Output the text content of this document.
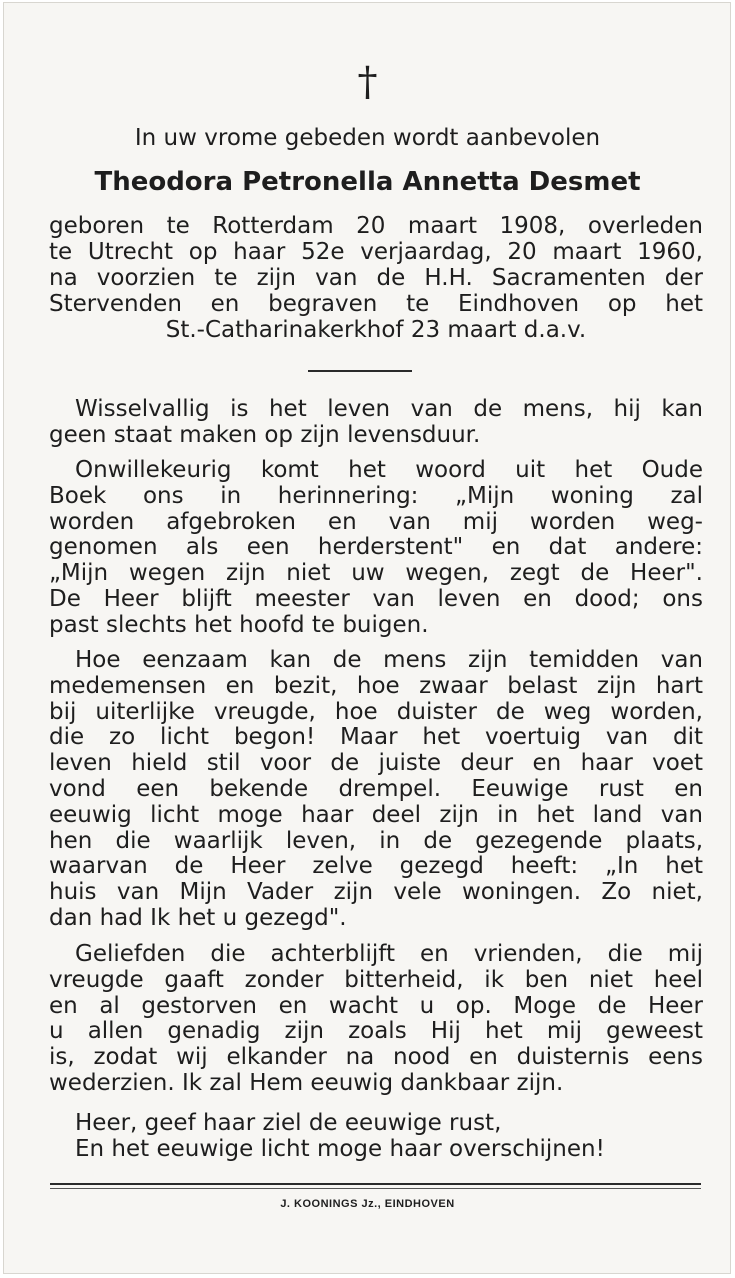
†
In uw vrome gebeden wordt aanbevolen
Theodora Petronella Annetta Desmet
geboren te Rotterdam 20 maart 1908, overleden
te Utrecht op haar 52e verjaardag, 20 maart 1960,
na voorzien te zijn van de H.H. Sacramenten der
Stervenden en begraven te Eindhoven op het
St.-Catharinakerkhof 23 maart d.a.v.
Wisselvallig is het leven van de mens, hij kan
geen staat maken op zijn levensduur.
Onwillekeurig komt het woord uit het Oude
Boek ons in herinnering: „Mijn woning zal
worden afgebroken en van mij worden weg-
genomen als een herderstent" en dat andere:
„Mijn wegen zijn niet uw wegen, zegt de Heer".
De Heer blijft meester van leven en dood; ons
past slechts het hoofd te buigen.
Hoe eenzaam kan de mens zijn temidden van
medemensen en bezit, hoe zwaar belast zijn hart
bij uiterlijke vreugde, hoe duister de weg worden,
die zo licht begon! Maar het voertuig van dit
leven hield stil voor de juiste deur en haar voet
vond een bekende drempel. Eeuwige rust en
eeuwig licht moge haar deel zijn in het land van
hen die waarlijk leven, in de gezegende plaats,
waarvan de Heer zelve gezegd heeft: „In het
huis van Mijn Vader zijn vele woningen. Zo niet,
dan had Ik het u gezegd".
Geliefden die achterblijft en vrienden, die mij
vreugde gaaft zonder bitterheid, ik ben niet heel
en al gestorven en wacht u op. Moge de Heer
u allen genadig zijn zoals Hij het mij geweest
is, zodat wij elkander na nood en duisternis eens
wederzien. Ik zal Hem eeuwig dankbaar zijn.
Heer, geef haar ziel de eeuwige rust,
En het eeuwige licht moge haar overschijnen!
J. KOONINGS Jz., EINDHOVEN
